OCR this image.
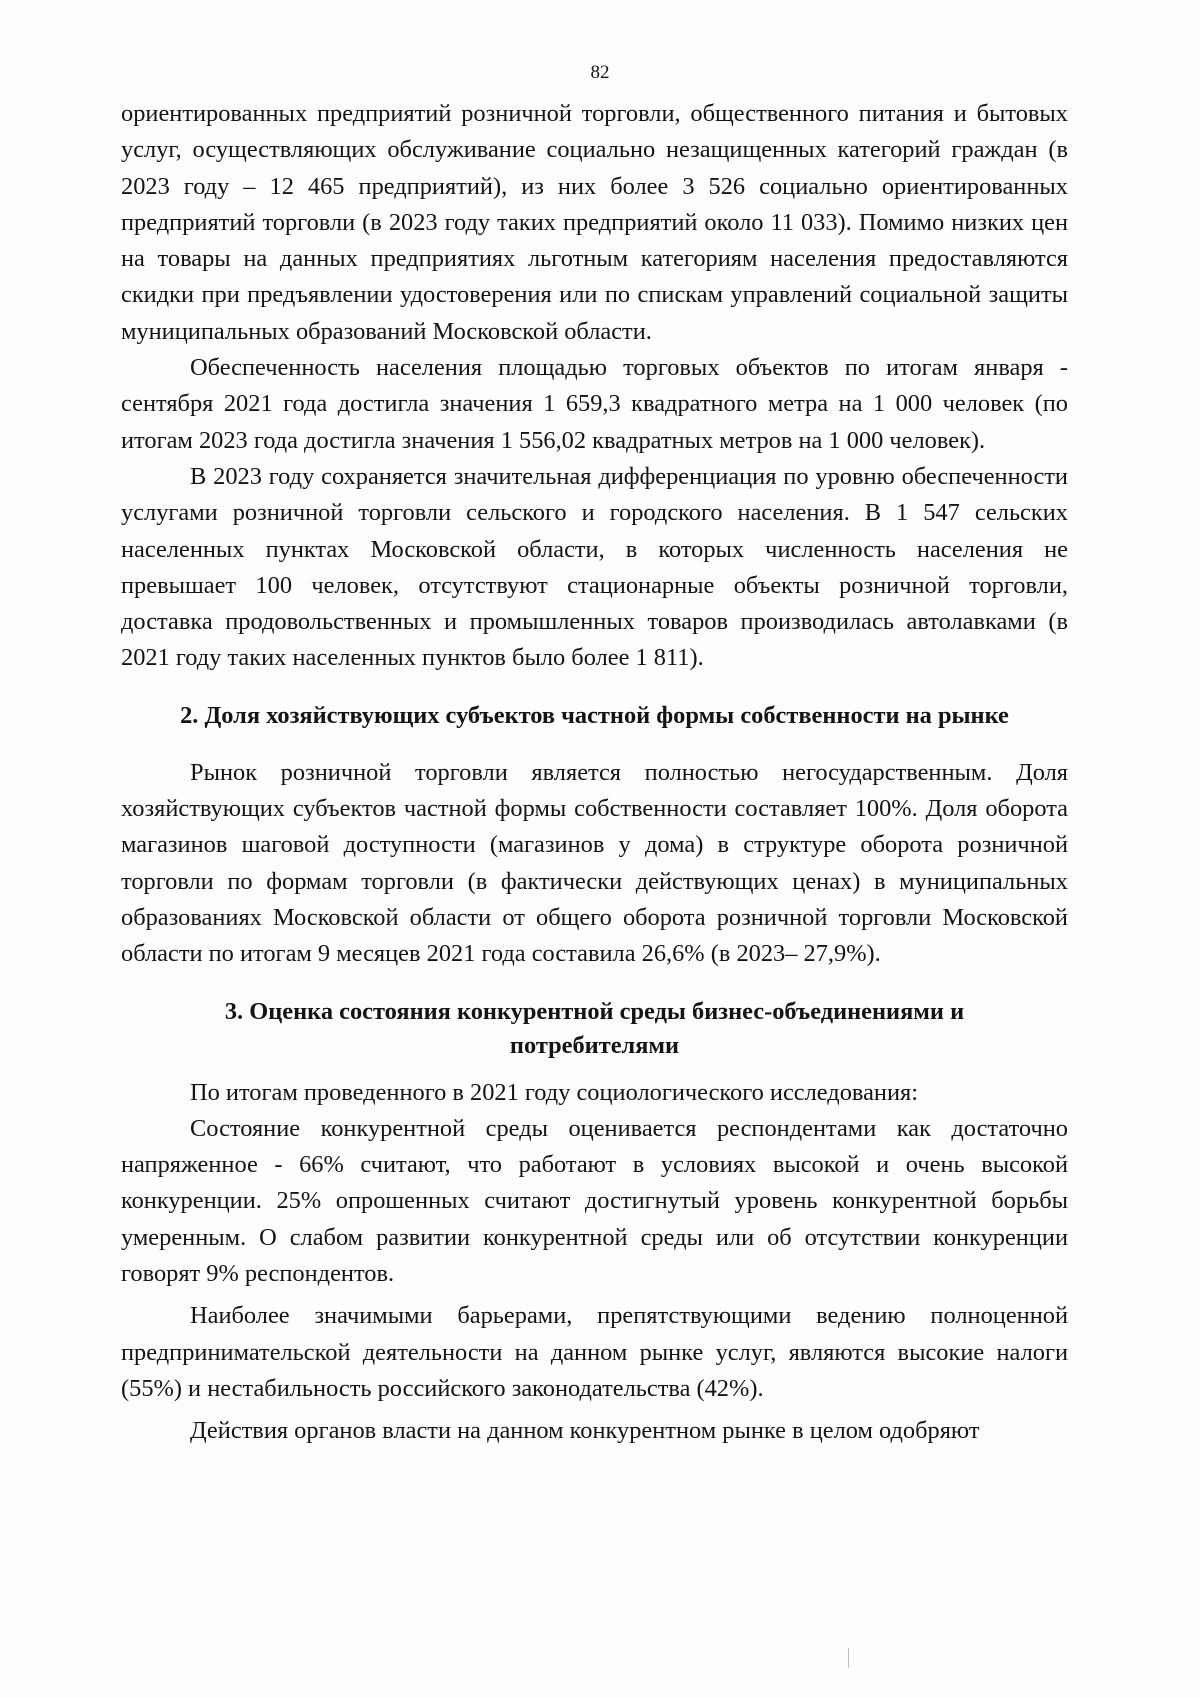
82

ориентированных предприятий розничной торговли, общественного питания и бытовых услуг, осуществляющих обслуживание социально незащищенных категорий граждан (в 2023 году – 12 465 предприятий), из них более 3 526 социально ориентированных предприятий торговли (в 2023 году таких предприятий около 11 033). Помимо низких цен на товары на данных предприятиях льготным категориям населения предоставляются скидки при предъявлении удостоверения или по спискам управлений социальной защиты муниципальных образований Московской области.

Обеспеченность населения площадью торговых объектов по итогам января - сентября 2021 года достигла значения 1 659,3 квадратного метра на 1 000 человек (по итогам 2023 года достигла значения 1 556,02 квадратных метров на 1 000 человек).

В 2023 году сохраняется значительная дифференциация по уровню обеспеченности услугами розничной торговли сельского и городского населения. В 1 547 сельских населенных пунктах Московской области, в которых численность населения не превышает 100 человек, отсутствуют стационарные объекты розничной торговли, доставка продовольственных и промышленных товаров производилась автолавками (в 2021 году таких населенных пунктов было более 1 811).

2. Доля хозяйствующих субъектов частной формы собственности на рынке

Рынок розничной торговли является полностью негосударственным. Доля хозяйствующих субъектов частной формы собственности составляет 100%. Доля оборота магазинов шаговой доступности (магазинов у дома) в структуре оборота розничной торговли по формам торговли (в фактически действующих ценах) в муниципальных образованиях Московской области от общего оборота розничной торговли Московской области по итогам 9 месяцев 2021 года составила 26,6% (в 2023– 27,9%).

3. Оценка состояния конкурентной среды бизнес-объединениями и
потребителями

По итогам проведенного в 2021 году социологического исследования:

Состояние конкурентной среды оценивается респондентами как достаточно напряженное - 66% считают, что работают в условиях высокой и очень высокой конкуренции. 25% опрошенных считают достигнутый уровень конкурентной борьбы умеренным. О слабом развитии конкурентной среды или об отсутствии конкуренции говорят 9% респондентов.

Наиболее значимыми барьерами, препятствующими ведению полноценной предпринимательской деятельности на данном рынке услуг, являются высокие налоги (55%) и нестабильность российского законодательства (42%).

Действия органов власти на данном конкурентном рынке в целом одобряют
